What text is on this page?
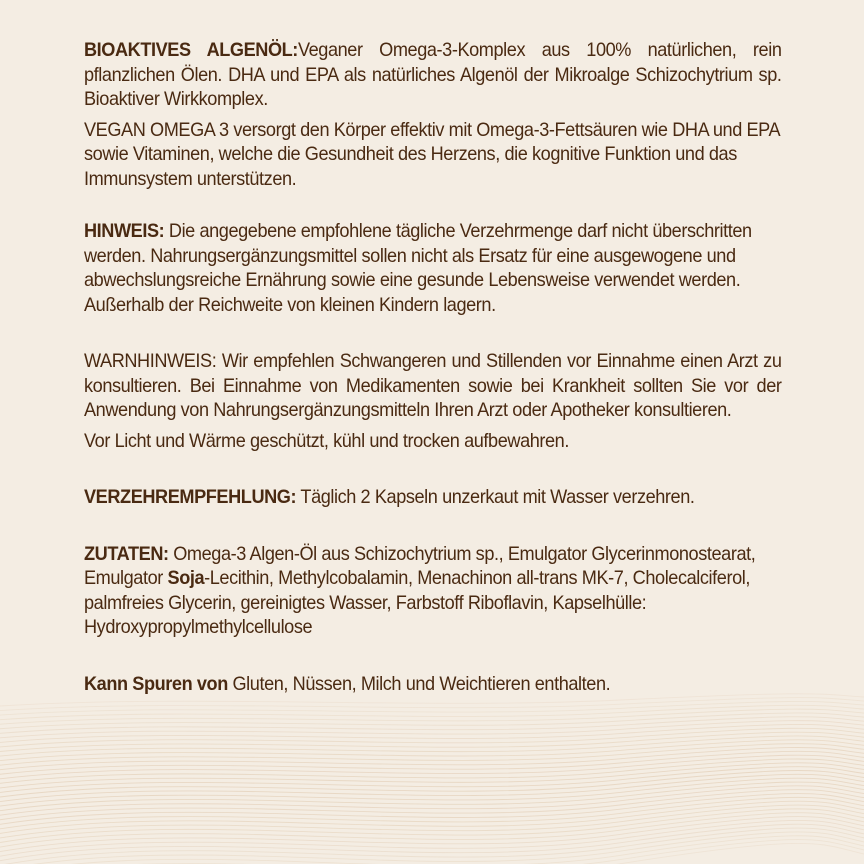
BIOAKTIVES ALGENÖL:Veganer Omega-3-Komplex aus 100% natürlichen, rein pflanzlichen Ölen. DHA und EPA als natürliches Algenöl der Mikroalge Schizochytrium sp. Bioaktiver Wirkkomplex.

VEGAN OMEGA 3 versorgt den Körper effektiv mit Omega-3-Fettsäuren wie DHA und EPA sowie Vitaminen, welche die Gesundheit des Herzens, die kognitive Funktion und das Immunsystem unterstützen.

HINWEIS: Die angegebene empfohlene tägliche Verzehrmenge darf nicht überschritten werden. Nahrungsergänzungsmittel sollen nicht als Ersatz für eine ausgewogene und abwechslungsreiche Ernährung sowie eine gesunde Lebensweise verwendet werden. Außerhalb der Reichweite von kleinen Kindern lagern.

WARNHINWEIS: Wir empfehlen Schwangeren und Stillenden vor Einnahme einen Arzt zu konsultieren. Bei Einnahme von Medikamenten sowie bei Krankheit sollten Sie vor der Anwendung von Nahrungsergänzungsmitteln Ihren Arzt oder Apotheker konsultieren.

Vor Licht und Wärme geschützt, kühl und trocken aufbewahren.

VERZEHREMPFEHLUNG: Täglich 2 Kapseln unzerkaut mit Wasser verzehren.

ZUTATEN: Omega-3 Algen-Öl aus Schizochytrium sp., Emulgator Glycerinmonostearat, Emulgator Soja-Lecithin, Methylcobalamin, Menachinon all-trans MK-7, Cholecalciferol, palmfreies Glycerin, gereinigtes Wasser, Farbstoff Riboflavin, Kapselhülle: Hydroxypropylmethylcellulose

Kann Spuren von Gluten, Nüssen, Milch und Weichtieren enthalten.
